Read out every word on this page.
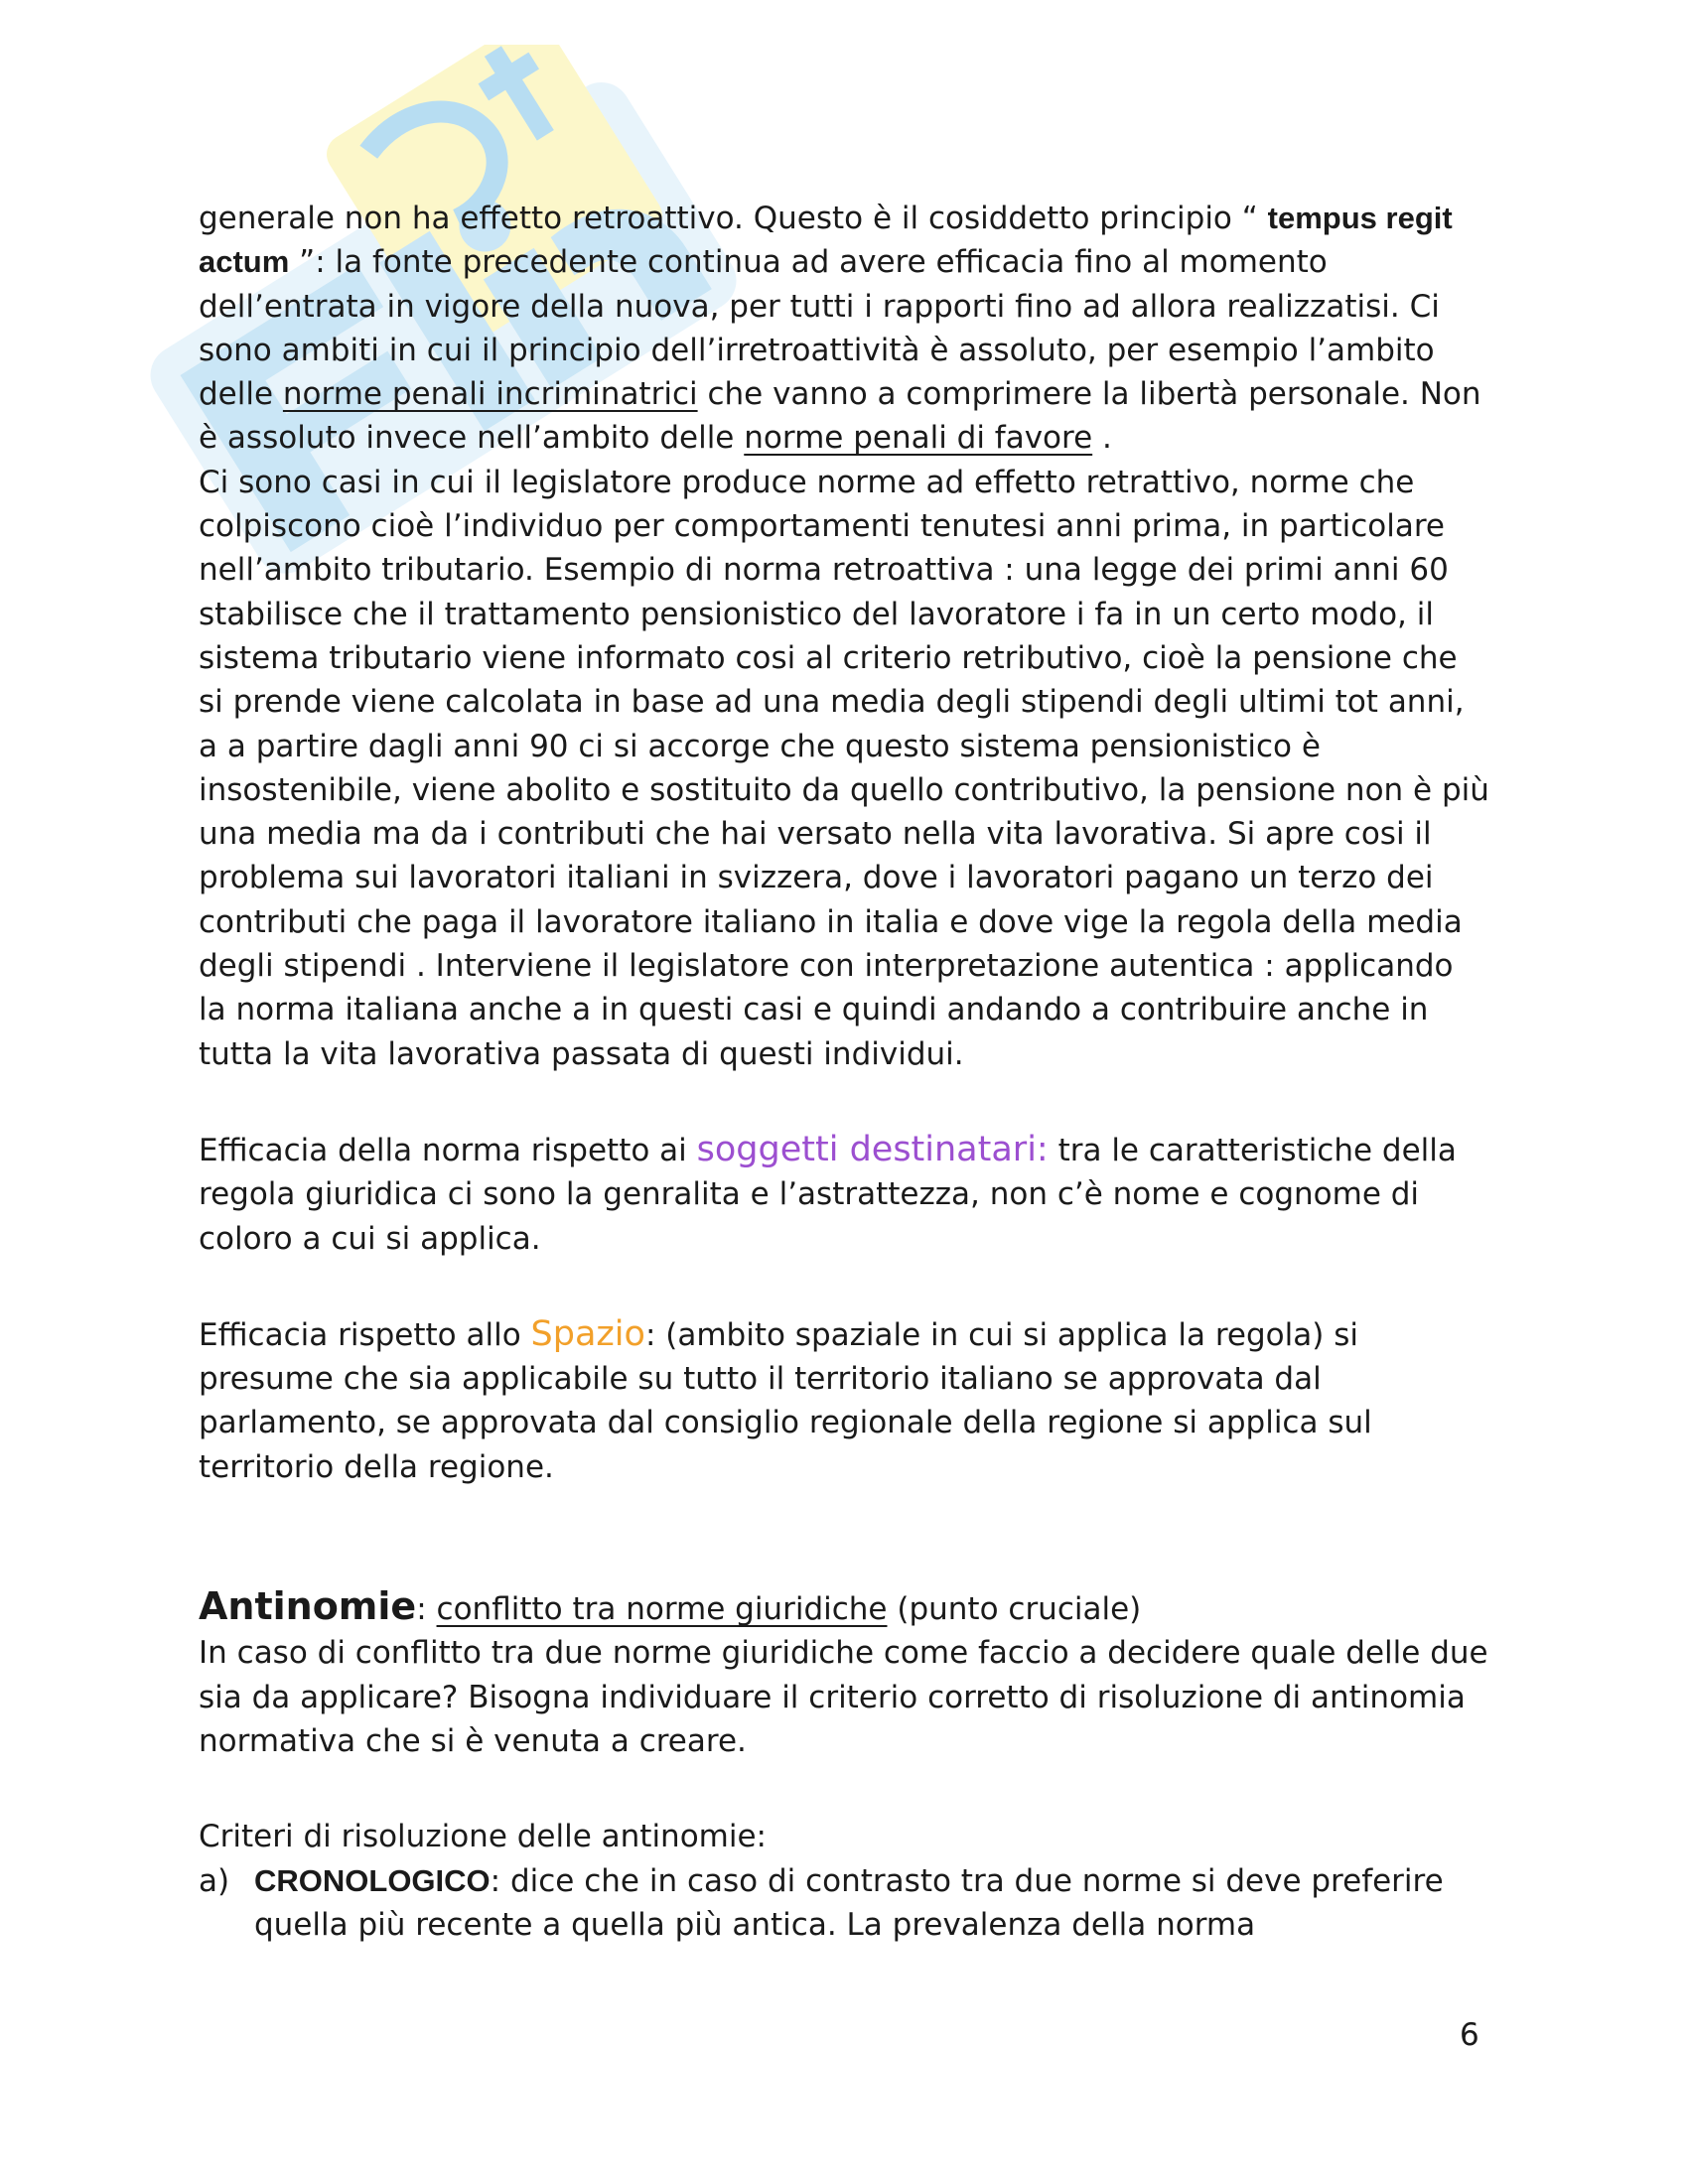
generale non ha effetto retroattivo. Questo è il cosiddetto principio “ tempus regit actum ”: la fonte precedente continua ad avere efficacia fino al momento dell’entrata in vigore della nuova, per tutti i rapporti fino ad allora realizzatisi. Ci sono ambiti in cui il principio dell’irretroattività è assoluto, per esempio l’ambito delle norme penali incriminatrici che vanno a comprimere la libertà personale. Non è assoluto invece nell’ambito delle norme penali di favore .

Ci sono casi in cui il legislatore produce norme ad effetto retrattivo, norme che colpiscono cioè l’individuo per comportamenti tenutesi anni prima, in particolare nell’ambito tributario. Esempio di norma retroattiva : una legge dei primi anni 60 stabilisce che il trattamento pensionistico del lavoratore i fa in un certo modo, il sistema tributario viene informato cosi al criterio retributivo, cioè la pensione che si prende viene calcolata in base ad una media degli stipendi degli ultimi tot anni, a a partire dagli anni 90 ci si accorge che questo sistema pensionistico è insostenibile, viene abolito e sostituito da quello contributivo, la pensione non è più una media ma da i contributi che hai versato nella vita lavorativa. Si apre cosi il problema sui lavoratori italiani in svizzera, dove i lavoratori pagano un terzo dei contributi che paga il lavoratore italiano in italia e dove vige la regola della media degli stipendi . Interviene il legislatore con interpretazione autentica : applicando la norma italiana anche a in questi casi e quindi andando a contribuire anche in tutta la vita lavorativa passata di questi individui.

Efficacia della norma rispetto ai soggetti destinatari: tra le caratteristiche della regola giuridica ci sono la genralita e l’astrattezza, non c’è nome e cognome di coloro a cui si applica.

Efficacia rispetto allo Spazio: (ambito spaziale in cui si applica la regola) si presume che sia applicabile su tutto il territorio italiano se approvata dal parlamento, se approvata dal consiglio regionale della regione si applica sul territorio della regione.

Antinomie: conflitto tra norme giuridiche (punto cruciale)

In caso di conflitto tra due norme giuridiche come faccio a decidere quale delle due sia da applicare? Bisogna individuare il criterio corretto di risoluzione di antinomia normativa che si è venuta a creare.

Criteri di risoluzione delle antinomie:

a) CRONOLOGICO: dice che in caso di contrasto tra due norme si deve preferire quella più recente a quella più antica. La prevalenza della norma
6
